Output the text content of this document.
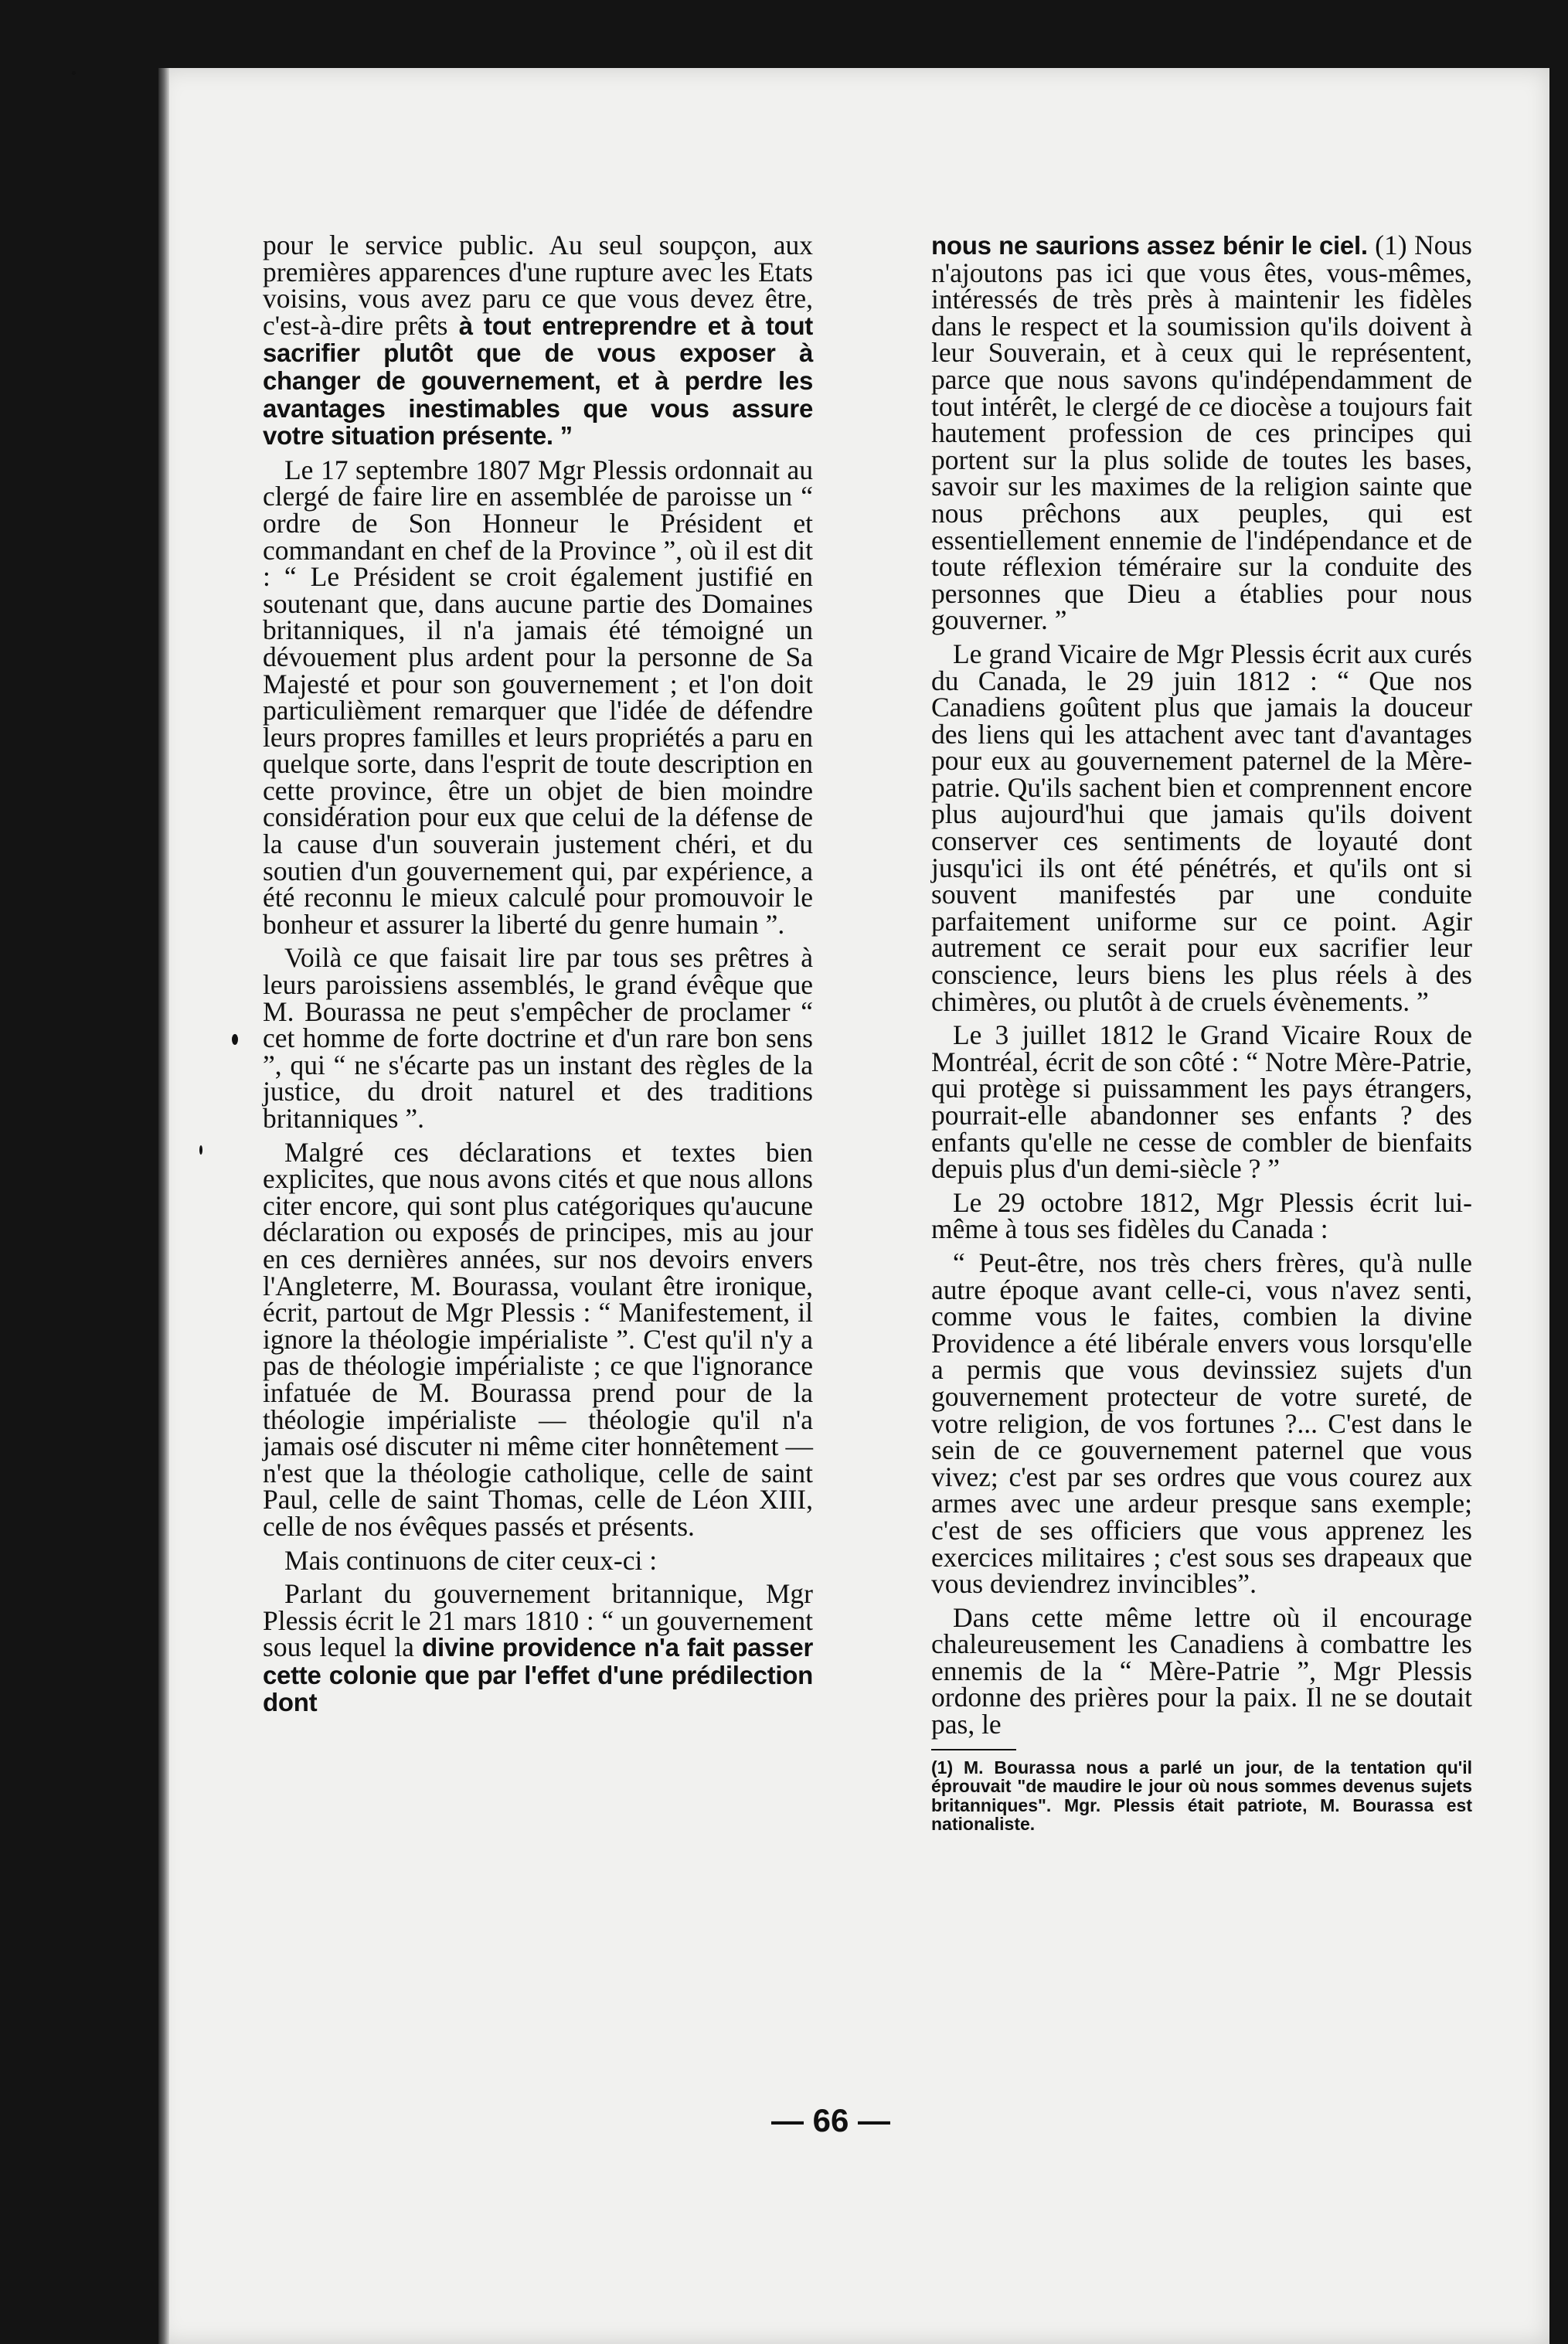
pour le service public. Au seul soupçon, aux premières apparences d'une rupture avec les Etats voisins, vous avez paru ce que vous devez être, c'est-à-dire prêts à tout entreprendre et à tout sacrifier plutôt que de vous exposer à changer de gouvernement, et à perdre les avantages inestimables que vous assure votre situation présente. ”

Le 17 septembre 1807 Mgr Plessis ordonnait au clergé de faire lire en assemblée de paroisse un “ ordre de Son Honneur le Président et commandant en chef de la Province ”, où il est dit : “ Le Président se croit également justifié en soutenant que, dans aucune partie des Domaines britanniques, il n'a jamais été témoigné un dévouement plus ardent pour la personne de Sa Majesté et pour son gouvernement ; et l'on doit particulièment remarquer que l'idée de défendre leurs propres familles et leurs propriétés a paru en quelque sorte, dans l'esprit de toute description en cette province, être un objet de bien moindre considération pour eux que celui de la défense de la cause d'un souverain justement chéri, et du soutien d'un gouvernement qui, par expérience, a été reconnu le mieux calculé pour promouvoir le bonheur et assurer la liberté du genre humain ”.

Voilà ce que faisait lire par tous ses prêtres à leurs paroissiens assemblés, le grand évêque que M. Bourassa ne peut s'empêcher de proclamer “ cet homme de forte doctrine et d'un rare bon sens ”, qui “ ne s'écarte pas un instant des règles de la justice, du droit naturel et des traditions britanniques ”.

Malgré ces déclarations et textes bien explicites, que nous avons cités et que nous allons citer encore, qui sont plus catégoriques qu'aucune déclaration ou exposés de principes, mis au jour en ces dernières années, sur nos devoirs envers l'Angleterre, M. Bourassa, voulant être ironique, écrit, partout de Mgr Plessis : “ Manifestement, il ignore la théologie impérialiste ”. C'est qu'il n'y a pas de théologie impérialiste ; ce que l'ignorance infatuée de M. Bourassa prend pour de la théologie impérialiste — théologie qu'il n'a jamais osé discuter ni même citer honnêtement — n'est que la théologie catholique, celle de saint Paul, celle de saint Thomas, celle de Léon XIII, celle de nos évêques passés et présents.

Mais continuons de citer ceux-ci :

Parlant du gouvernement britannique, Mgr Plessis écrit le 21 mars 1810 : “ un gouvernement sous lequel la divine providence n'a fait passer cette colonie que par l'effet d'une prédilection dont

nous ne saurions assez bénir le ciel. (1) Nous n'ajoutons pas ici que vous êtes, vous-mêmes, intéressés de très près à maintenir les fidèles dans le respect et la soumission qu'ils doivent à leur Souverain, et à ceux qui le représentent, parce que nous savons qu'indépendamment de tout intérêt, le clergé de ce diocèse a toujours fait hautement profession de ces principes qui portent sur la plus solide de toutes les bases, savoir sur les maximes de la religion sainte que nous prêchons aux peuples, qui est essentiellement ennemie de l'indépendance et de toute réflexion téméraire sur la conduite des personnes que Dieu a établies pour nous gouverner. ”

Le grand Vicaire de Mgr Plessis écrit aux curés du Canada, le 29 juin 1812 : “ Que nos Canadiens goûtent plus que jamais la douceur des liens qui les attachent avec tant d'avantages pour eux au gouvernement paternel de la Mère-patrie. Qu'ils sachent bien et comprennent encore plus aujourd'hui que jamais qu'ils doivent conserver ces sentiments de loyauté dont jusqu'ici ils ont été pénétrés, et qu'ils ont si souvent manifestés par une conduite parfaitement uniforme sur ce point. Agir autrement ce serait pour eux sacrifier leur conscience, leurs biens les plus réels à des chimères, ou plutôt à de cruels évènements. ”

Le 3 juillet 1812 le Grand Vicaire Roux de Montréal, écrit de son côté : “ Notre Mère-Patrie, qui protège si puissamment les pays étrangers, pourrait-elle abandonner ses enfants ? des enfants qu'elle ne cesse de combler de bienfaits depuis plus d'un demi-siècle ? ”

Le 29 octobre 1812, Mgr Plessis écrit lui-même à tous ses fidèles du Canada :

“ Peut-être, nos très chers frères, qu'à nulle autre époque avant celle-ci, vous n'avez senti, comme vous le faites, combien la divine Providence a été libérale envers vous lorsqu'elle a permis que vous devinssiez sujets d'un gouvernement protecteur de votre sureté, de votre religion, de vos fortunes ?... C'est dans le sein de ce gouvernement paternel que vous vivez; c'est par ses ordres que vous courez aux armes avec une ardeur presque sans exemple; c'est de ses officiers que vous apprenez les exercices militaires ; c'est sous ses drapeaux que vous deviendrez invincibles”.

Dans cette même lettre où il encourage chaleureusement les Canadiens à combattre les ennemis de la “ Mère-Patrie ”, Mgr Plessis ordonne des prières pour la paix. Il ne se doutait pas, le

(1) M. Bourassa nous a parlé un jour, de la tentation qu'il éprouvait "de maudire le jour où nous sommes devenus sujets britanniques". Mgr. Plessis était patriote, M. Bourassa est nationaliste.
— 66 —
